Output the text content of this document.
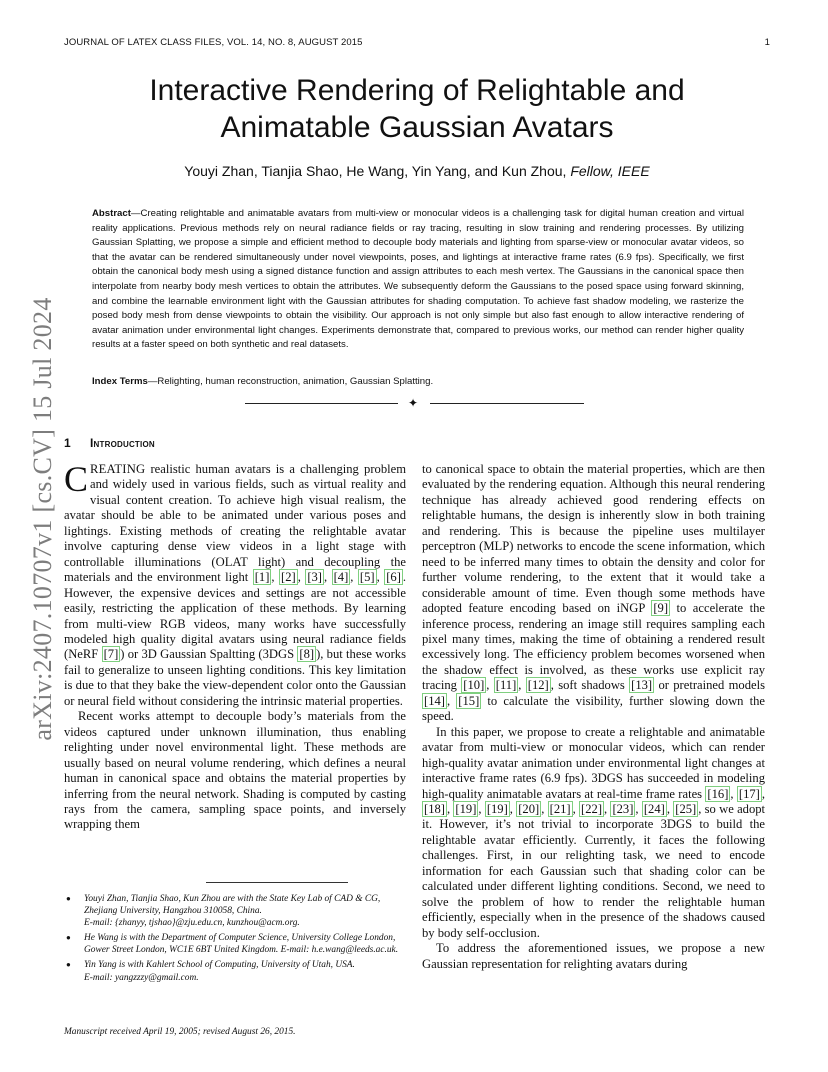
JOURNAL OF LATEX CLASS FILES, VOL. 14, NO. 8, AUGUST 2015	1
arXiv:2407.10707v1 [cs.CV] 15 Jul 2024
Interactive Rendering of Relightable and
Animatable Gaussian Avatars
Youyi Zhan, Tianjia Shao, He Wang, Yin Yang, and Kun Zhou, Fellow, IEEE
Abstract—Creating relightable and animatable avatars from multi-view or monocular videos is a challenging task for digital human creation and virtual reality applications. Previous methods rely on neural radiance fields or ray tracing, resulting in slow training and rendering processes. By utilizing Gaussian Splatting, we propose a simple and efficient method to decouple body materials and lighting from sparse-view or monocular avatar videos, so that the avatar can be rendered simultaneously under novel viewpoints, poses, and lightings at interactive frame rates (6.9 fps). Specifically, we first obtain the canonical body mesh using a signed distance function and assign attributes to each mesh vertex. The Gaussians in the canonical space then interpolate from nearby body mesh vertices to obtain the attributes. We subsequently deform the Gaussians to the posed space using forward skinning, and combine the learnable environment light with the Gaussian attributes for shading computation. To achieve fast shadow modeling, we rasterize the posed body mesh from dense viewpoints to obtain the visibility. Our approach is not only simple but also fast enough to allow interactive rendering of avatar animation under environmental light changes. Experiments demonstrate that, compared to previous works, our method can render higher quality results at a faster speed on both synthetic and real datasets.
Index Terms—Relighting, human reconstruction, animation, Gaussian Splatting.
✦
1 Introduction

CREATING realistic human avatars is a challenging problem and widely used in various fields, such as virtual reality and visual content creation. To achieve high visual realism, the avatar should be able to be animated under various poses and lightings. Existing methods of creating the relightable avatar involve capturing dense view videos in a light stage with controllable illuminations (OLAT light) and decoupling the materials and the environment light [1] , [2] , [3] , [4] , [5] , [6] . However, the expensive devices and settings are not accessible easily, restricting the application of these methods. By learning from multi-view RGB videos, many works have successfully modeled high quality digital avatars using neural radiance fields (NeRF [7] ) or 3D Gaussian Spaltting (3DGS [8] ), but these works fail to generalize to unseen lighting conditions. This key limitation is due to that they bake the view-dependent color onto the Gaussian or neural field without considering the intrinsic material properties.

Recent works attempt to decouple body’s materials from the videos captured under unknown illumination, thus enabling relighting under novel environmental light. These methods are usually based on neural volume rendering, which defines a neural human in canonical space and obtains the material properties by inferring from the neural network. Shading is computed by casting rays from the camera, sampling space points, and inversely wrapping them

to canonical space to obtain the material properties, which are then evaluated by the rendering equation. Although this neural rendering technique has already achieved good rendering effects on relightable humans, the design is inherently slow in both training and rendering. This is because the pipeline uses multilayer perceptron (MLP) networks to encode the scene information, which need to be inferred many times to obtain the density and color for further volume rendering, to the extent that it would take a considerable amount of time. Even though some methods have adopted feature encoding based on iNGP [9] to accelerate the inference process, rendering an image still requires sampling each pixel many times, making the time of obtaining a rendered result excessively long. The efficiency problem becomes worsened when the shadow effect is involved, as these works use explicit ray tracing [10] , [11] , [12] , soft shadows [13] or pretrained models [14] , [15] to calculate the visibility, further slowing down the speed.

In this paper, we propose to create a relightable and animatable avatar from multi-view or monocular videos, which can render high-quality avatar animation under environmental light changes at interactive frame rates (6.9 fps). 3DGS has succeeded in modeling high-quality animatable avatars at real-time frame rates [16] , [17] , [18] , [19] , [19] , [20] , [21] , [22] , [23] , [24] , [25] , so we adopt it. However, it’s not trivial to incorporate 3DGS to build the relightable avatar efficiently. Currently, it faces the following challenges. First, in our relighting task, we need to encode information for each Gaussian such that shading color can be calculated under different lighting conditions. Second, we need to solve the problem of how to render the relightable human efficiently, especially when in the presence of the shadows caused by body self-occlusion.

To address the aforementioned issues, we propose a new Gaussian representation for relighting avatars during

● Youyi Zhan, Tianjia Shao, Kun Zhou are with the State Key Lab of CAD & CG, Zhejiang University, Hangzhou 310058, China.
E-mail: {zhanyy, tjshao}@zju.edu.cn, kunzhou@acm.org.
● He Wang is with the Department of Computer Science, University College London, Gower Street London, WC1E 6BT United Kingdom. E-mail: h.e.wang@leeds.ac.uk.
● Yin Yang is with Kahlert School of Computing, University of Utah, USA.
E-mail: yangzzzy@gmail.com.
Manuscript received April 19, 2005; revised August 26, 2015.
